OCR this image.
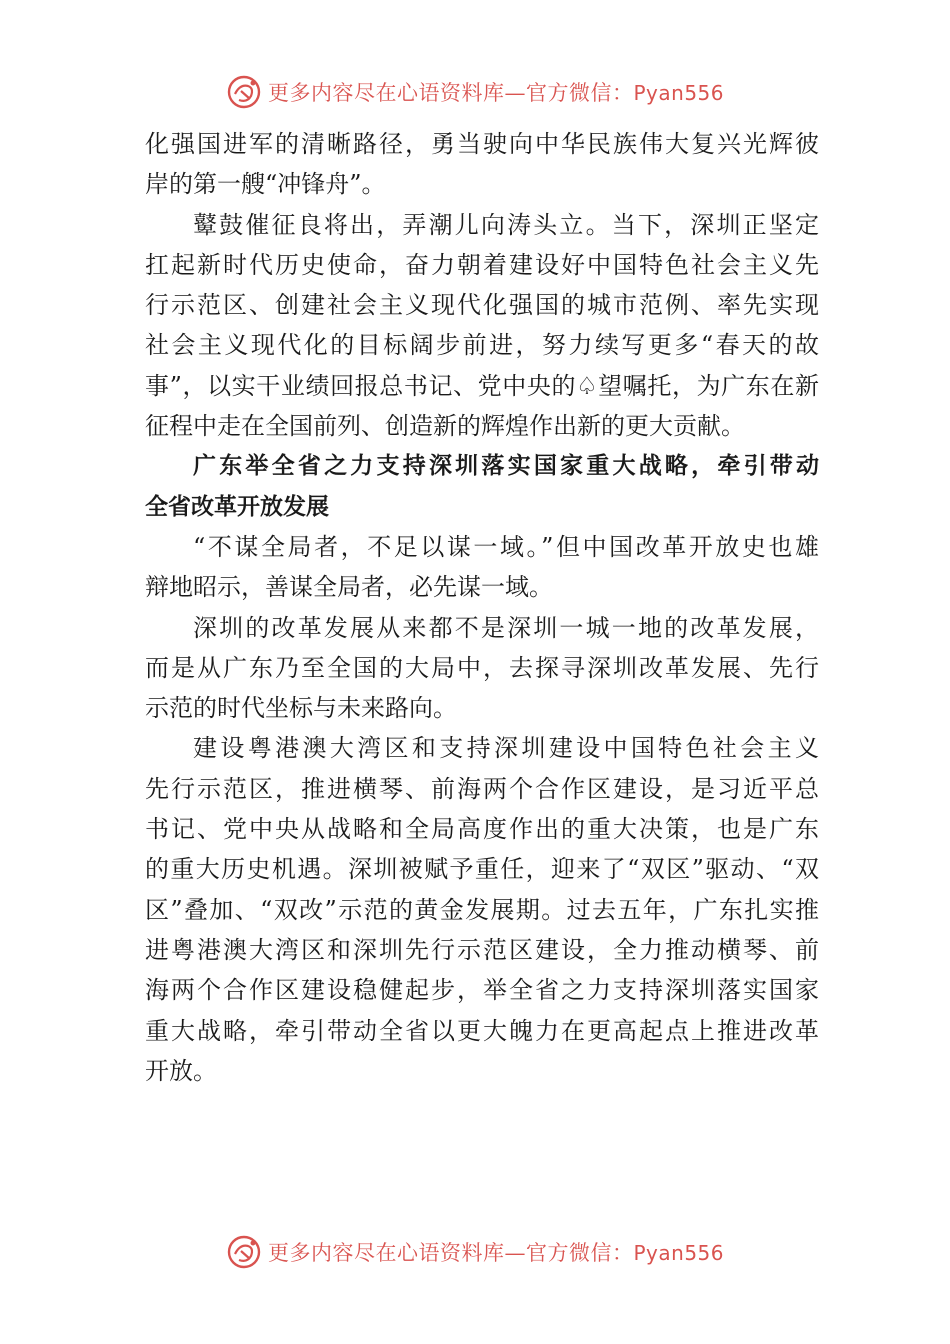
更多内容尽在心语资料库—官方微信：Pyan556
化强国进军的清晰路径，勇当驶向中华民族伟大复兴光辉彼
岸的第一艘“冲锋舟”。
鼙鼓催征良将出，弄潮儿向涛头立。当下，深圳正坚定
扛起新时代历史使命，奋力朝着建设好中国特色社会主义先
行示范区、创建社会主义现代化强国的城市范例、率先实现
社会主义现代化的目标阔步前进，努力续写更多“春天的故
事”，以实干业绩回报总书记、党中央的♤望嘱托，为广东在新
征程中走在全国前列、创造新的辉煌作出新的更大贡献。
广东举全省之力支持深圳落实国家重大战略，牵引带动
全省改革开放发展
“不谋全局者，不足以谋一域。”但中国改革开放史也雄
辩地昭示，善谋全局者，必先谋一域。
深圳的改革发展从来都不是深圳一城一地的改革发展，
而是从广东乃至全国的大局中，去探寻深圳改革发展、先行
示范的时代坐标与未来路向。
建设粤港澳大湾区和支持深圳建设中国特色社会主义
先行示范区，推进横琴、前海两个合作区建设，是习近平总
书记、党中央从战略和全局高度作出的重大决策，也是广东
的重大历史机遇。深圳被赋予重任，迎来了“双区”驱动、“双
区”叠加、“双改”示范的黄金发展期。过去五年，广东扎实推
进粤港澳大湾区和深圳先行示范区建设，全力推动横琴、前
海两个合作区建设稳健起步，举全省之力支持深圳落实国家
重大战略，牵引带动全省以更大魄力在更高起点上推进改革
开放。
更多内容尽在心语资料库—官方微信：Pyan556
